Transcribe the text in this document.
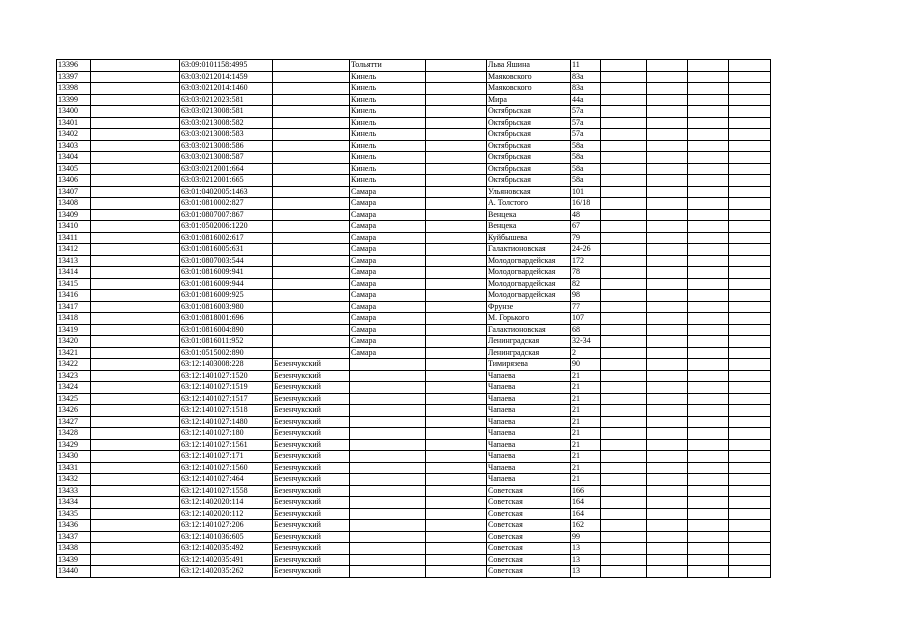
13396		63:09:0101158:4995		Тольятти		Льва Яшина	11				
13397		63:03:0212014:1459		Кинель		Маяковского	83а				
13398		63:03:0212014:1460		Кинель		Маяковского	83а				
13399		63:03:0212023:581		Кинель		Мира	44а				
13400		63:03:0213008:581		Кинель		Октябрьская	57а				
13401		63:03:0213008:582		Кинель		Октябрьская	57а				
13402		63:03:0213008:583		Кинель		Октябрьская	57а				
13403		63:03:0213008:586		Кинель		Октябрьская	58а				
13404		63:03:0213008:587		Кинель		Октябрьская	58а				
13405		63:03:0212001:664		Кинель		Октябрьская	58а				
13406		63:03:0212001:665		Кинель		Октябрьская	58а				
13407		63:01:0402005:1463		Самара		Ульяновская	101				
13408		63:01:0810002:827		Самара		А. Толстого	16/18				
13409		63:01:0807007:867		Самара		Венцека	48				
13410		63:01:0502006:1220		Самара		Венцека	67				
13411		63:01:0816002:617		Самара		Куйбышева	79				
13412		63:01:0816005:631		Самара		Галактионовская	24-26				
13413		63:01:0807003:544		Самара		Молодогвардейская	172				
13414		63:01:0816009:941		Самара		Молодогвардейская	78				
13415		63:01:0816009:944		Самара		Молодогвардейская	82				
13416		63:01:0816009:925		Самара		Молодогвардейская	98				
13417		63:01:0816003:980		Самара		Фрунзе	77				
13418		63:01:0818001:696		Самара		М. Горького	107				
13419		63:01:0816004:890		Самара		Галактионовская	68				
13420		63:01:0816011:952		Самара		Ленинградская	32-34				
13421		63:01:0515002:890		Самара		Ленинградская	2				
13422		63:12:1403008:228	Безенчукский			Тимирязева	90				
13423		63:12:1401027:1520	Безенчукский			Чапаева	21				
13424		63:12:1401027:1519	Безенчукский			Чапаева	21				
13425		63:12:1401027:1517	Безенчукский			Чапаева	21				
13426		63:12:1401027:1518	Безенчукский			Чапаева	21				
13427		63:12:1401027:1480	Безенчукский			Чапаева	21				
13428		63:12:1401027:180	Безенчукский			Чапаева	21				
13429		63:12:1401027:1561	Безенчукский			Чапаева	21				
13430		63:12:1401027:171	Безенчукский			Чапаева	21				
13431		63:12:1401027:1560	Безенчукский			Чапаева	21				
13432		63:12:1401027:464	Безенчукский			Чапаева	21				
13433		63:12:1401027:1558	Безенчукский			Советская	166				
13434		63:12:1402020:114	Безенчукский			Советская	164				
13435		63:12:1402020:112	Безенчукский			Советская	164				
13436		63:12:1401027:206	Безенчукский			Советская	162				
13437		63:12:1401036:605	Безенчукский			Советская	99				
13438		63:12:1402035:492	Безенчукский			Советская	13				
13439		63:12:1402035:491	Безенчукский			Советская	13				
13440		63:12:1402035:262	Безенчукский			Советская	13				
